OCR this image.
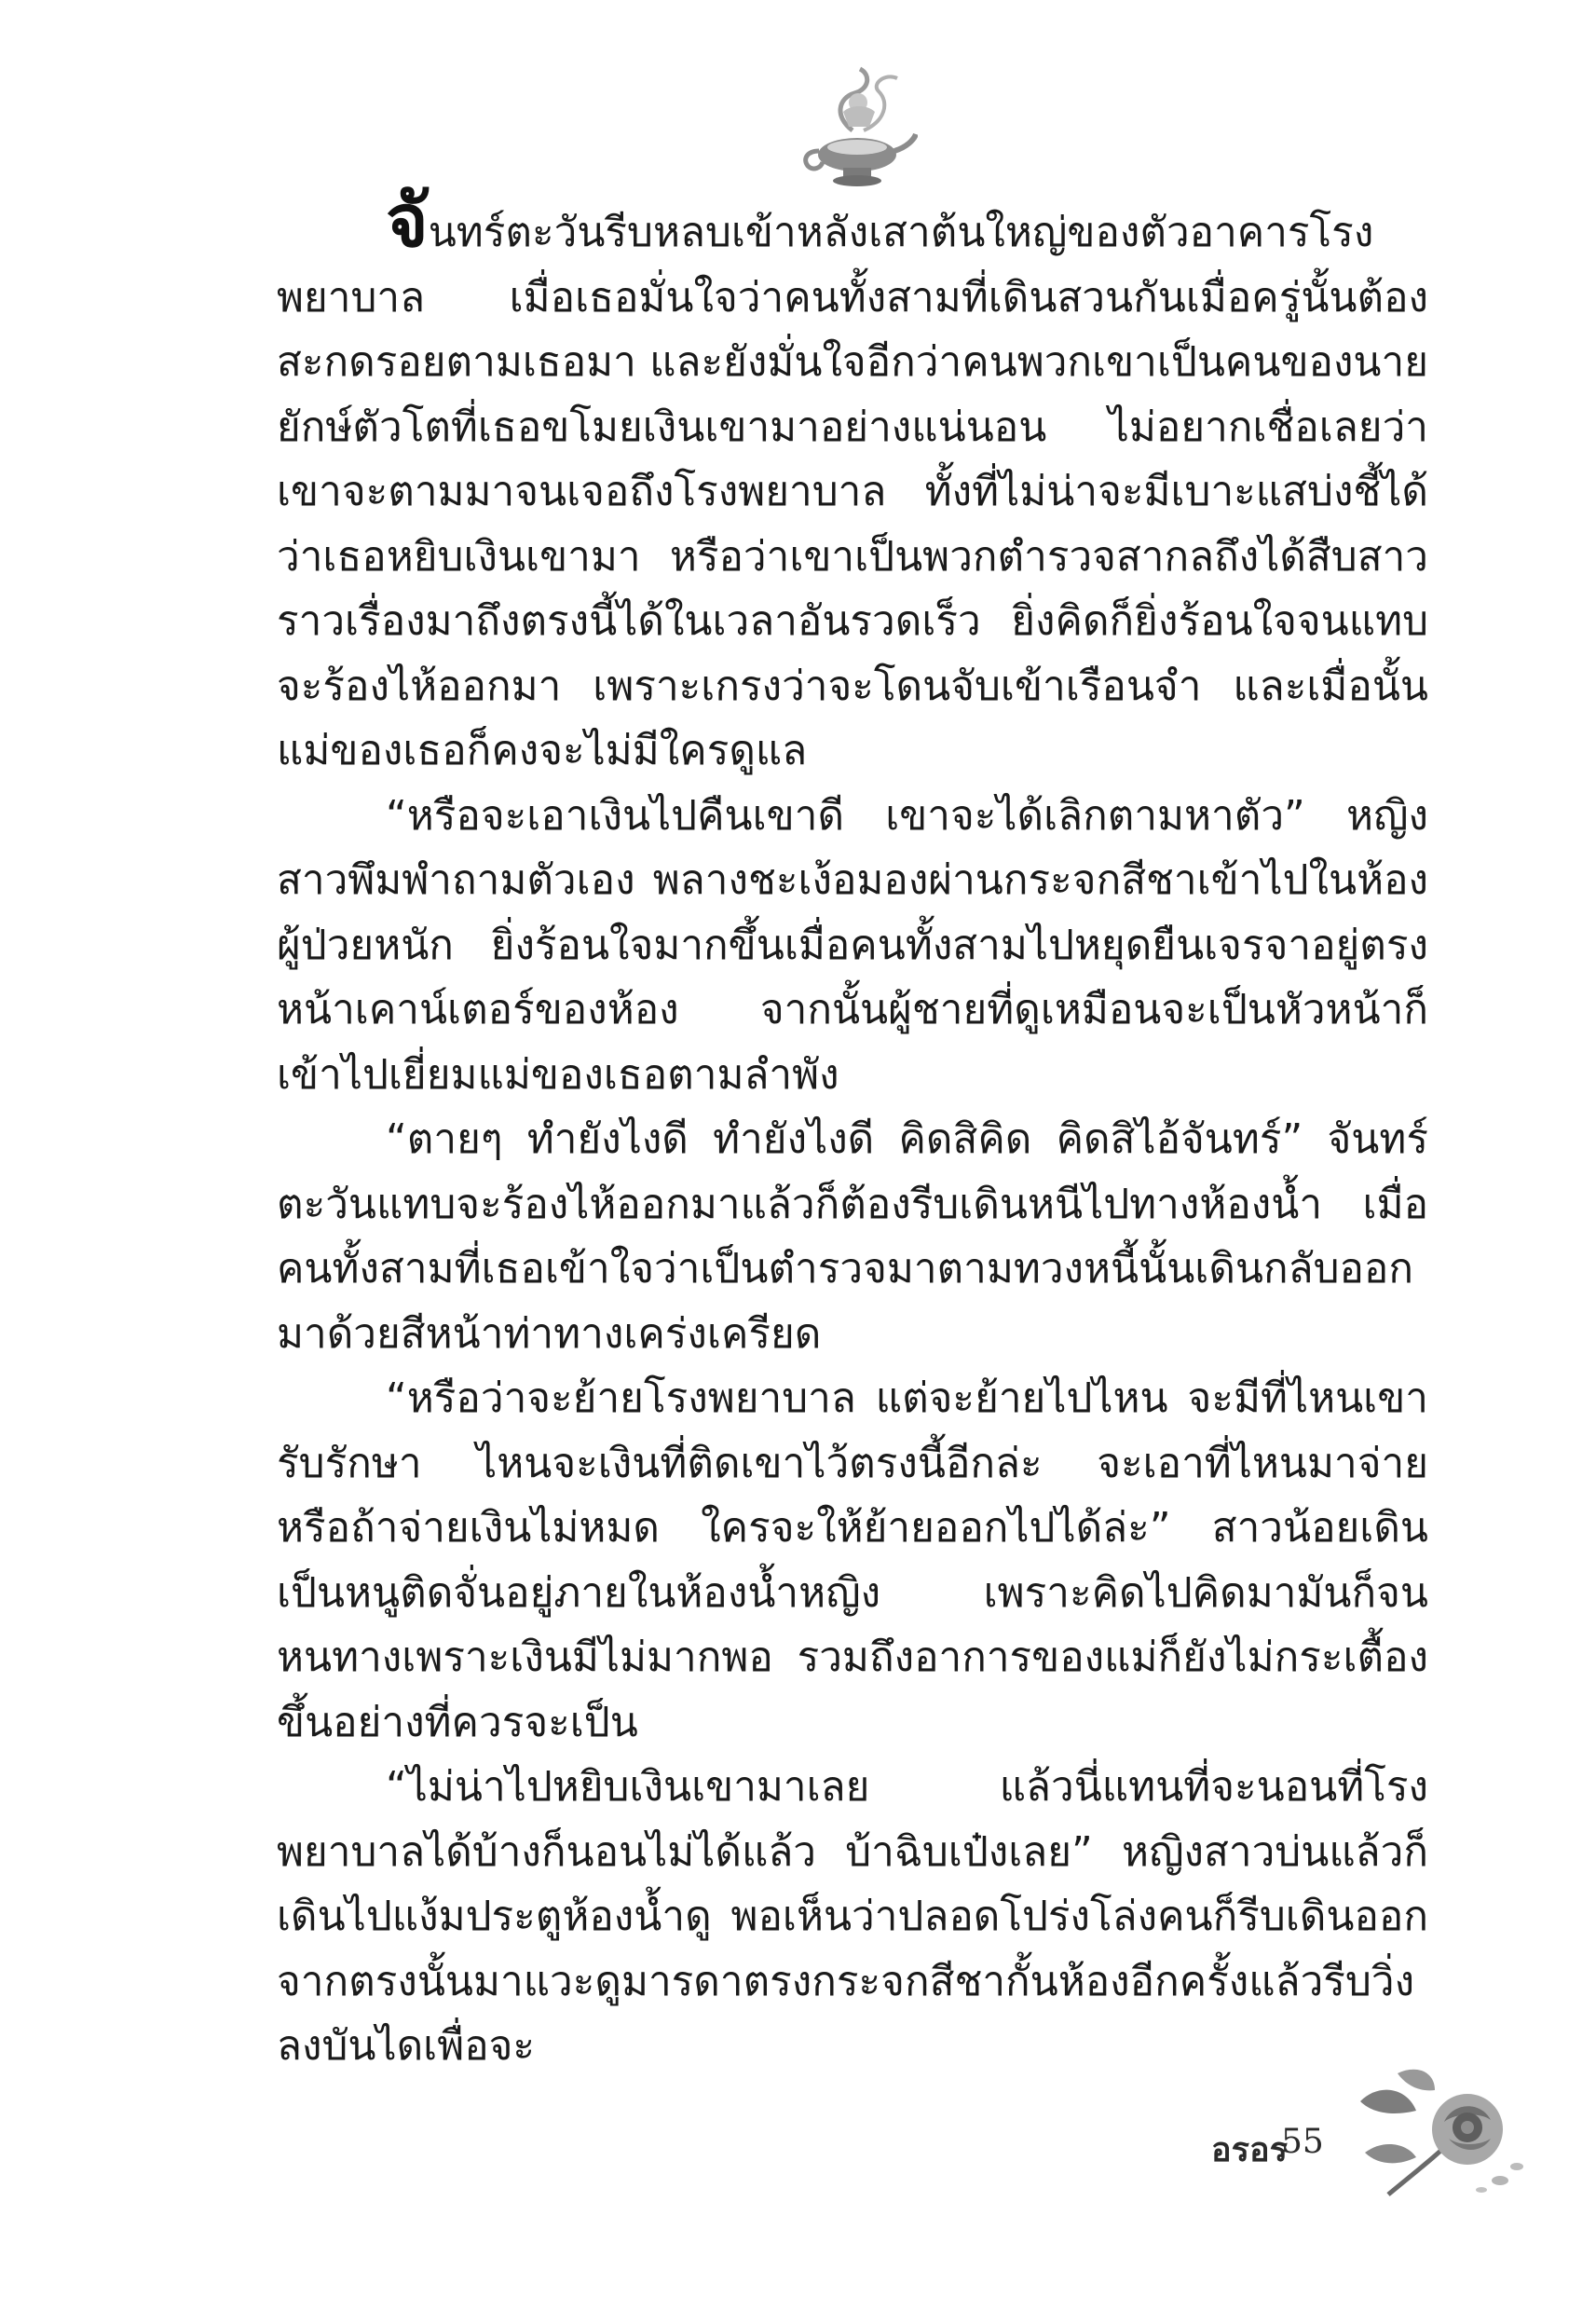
จันทร์ตะวันรีบหลบเข้าหลังเสาต้นใหญ่ของตัวอาคารโรงพยาบาล เมื่อเธอมั่นใจว่าคนทั้งสามที่เดินสวนกันเมื่อครู่นั้นต้องสะกดรอยตามเธอมา และยังมั่นใจอีกว่าคนพวกเขาเป็นคนของนายยักษ์ตัวโตที่เธอขโมยเงินเขามาอย่างแน่นอน ไม่อยากเชื่อเลยว่าเขาจะตามมาจนเจอถึงโรงพยาบาล ทั้งที่ไม่น่าจะมีเบาะแสบ่งชี้ได้ว่าเธอหยิบเงินเขามา หรือว่าเขาเป็นพวกตำรวจสากลถึงได้สืบสาวราวเรื่องมาถึงตรงนี้ได้ในเวลาอันรวดเร็ว ยิ่งคิดก็ยิ่งร้อนใจจนแทบจะร้องไห้ออกมา เพราะเกรงว่าจะโดนจับเข้าเรือนจำ และเมื่อนั้นแม่ของเธอก็คงจะไม่มีใครดูแล

“หรือจะเอาเงินไปคืนเขาดี เขาจะได้เลิกตามหาตัว” หญิงสาวพึมพำถามตัวเอง พลางชะเง้อมองผ่านกระจกสีชาเข้าไปในห้องผู้ป่วยหนัก ยิ่งร้อนใจมากขึ้นเมื่อคนทั้งสามไปหยุดยืนเจรจาอยู่ตรงหน้าเคาน์เตอร์ของห้อง จากนั้นผู้ชายที่ดูเหมือนจะเป็นหัวหน้าก็เข้าไปเยี่ยมแม่ของเธอตามลำพัง

“ตายๆ ทำยังไงดี ทำยังไงดี คิดสิคิด คิดสิไอ้จันทร์” จันทร์ตะวันแทบจะร้องไห้ออกมาแล้วก็ต้องรีบเดินหนีไปทางห้องน้ำ เมื่อคนทั้งสามที่เธอเข้าใจว่าเป็นตำรวจมาตามทวงหนี้นั้นเดินกลับออกมาด้วยสีหน้าท่าทางเคร่งเครียด

“หรือว่าจะย้ายโรงพยาบาล แต่จะย้ายไปไหน จะมีที่ไหนเขารับรักษา ไหนจะเงินที่ติดเขาไว้ตรงนี้อีกล่ะ จะเอาที่ไหนมาจ่าย หรือถ้าจ่ายเงินไม่หมด ใครจะให้ย้ายออกไปได้ล่ะ” สาวน้อยเดินเป็นหนูติดจั่นอยู่ภายในห้องน้ำหญิง เพราะคิดไปคิดมามันก็จนหนทางเพราะเงินมีไม่มากพอ รวมถึงอาการของแม่ก็ยังไม่กระเตื้องขึ้นอย่างที่ควรจะเป็น

“ไม่น่าไปหยิบเงินเขามาเลย แล้วนี่แทนที่จะนอนที่โรงพยาบาลได้บ้างก็นอนไม่ได้แล้ว บ้าฉิบเป๋งเลย” หญิงสาวบ่นแล้วก็เดินไปแง้มประตูห้องน้ำดู พอเห็นว่าปลอดโปร่งโล่งคนก็รีบเดินออกจากตรงนั้นมาแวะดูมารดาตรงกระจกสีชากั้นห้องอีกครั้งแล้วรีบวิ่งลงบันไดเพื่อจะ

อรอร
55
